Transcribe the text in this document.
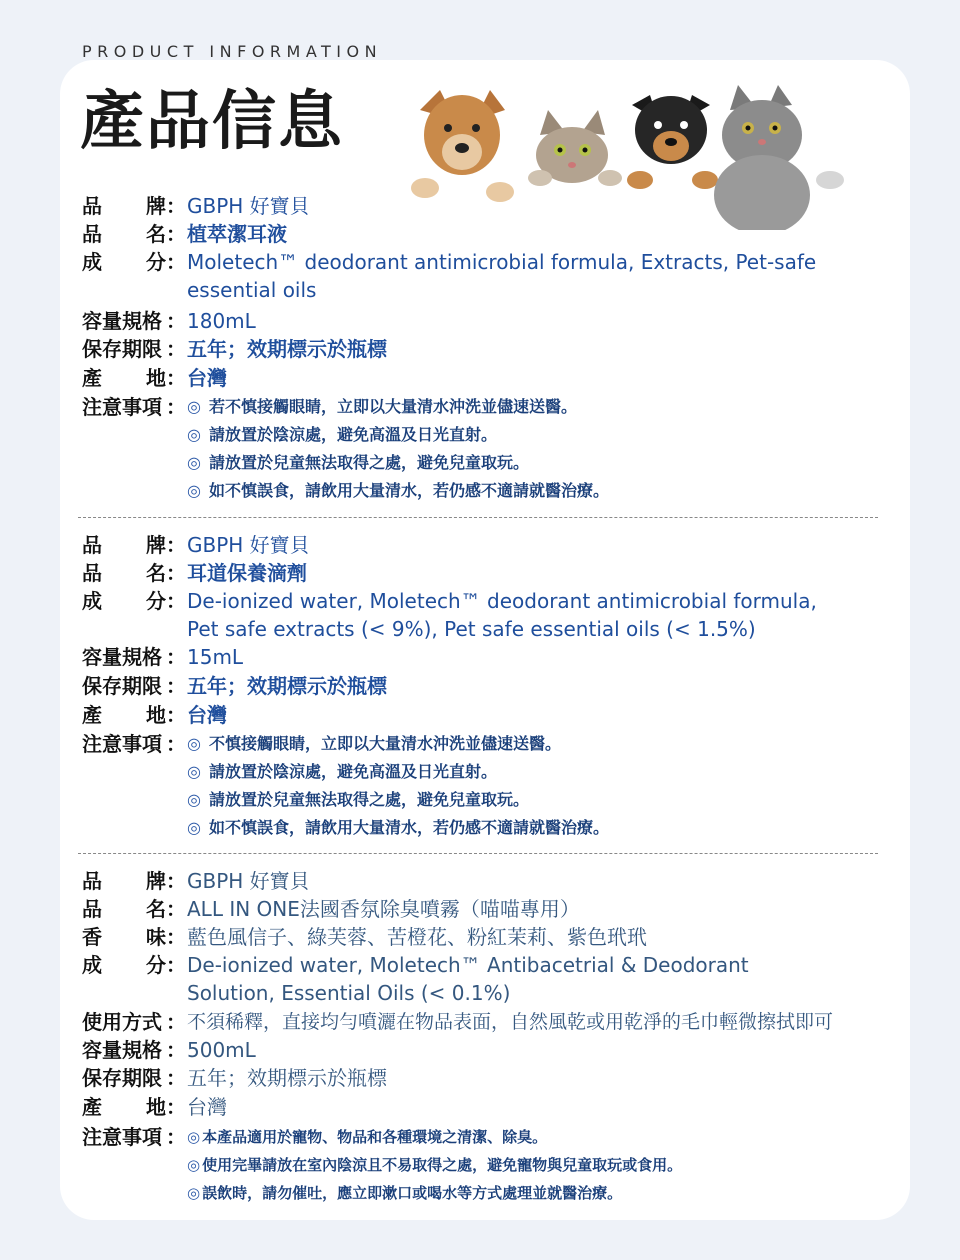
PRODUCT INFORMATION
產品信息
品 牌 ： GBPH 好寶貝
品 名 ： 植萃潔耳液
成 分 ： Moletech™ deodorant antimicrobial formula, Extracts, Pet-safe
essential oils
容量規格 ： 180mL
保存期限 ： 五年；效期標示於瓶標
產 地 ： 台灣
注意事項 ： ◎ 若不慎接觸眼睛，立即以大量清水沖洗並儘速送醫。
◎ 請放置於陰涼處，避免高溫及日光直射。
◎ 請放置於兒童無法取得之處，避免兒童取玩。
◎ 如不慎誤食，請飲用大量清水，若仍感不適請就醫治療。
品 牌 ： GBPH 好寶貝
品 名 ： 耳道保養滴劑
成 分 ： De-ionized water, Moletech™ deodorant antimicrobial formula,
Pet safe extracts (< 9%), Pet safe essential oils (< 1.5%)
容量規格 ： 15mL
保存期限 ： 五年；效期標示於瓶標
產 地 ： 台灣
注意事項 ： ◎ 不慎接觸眼睛，立即以大量清水沖洗並儘速送醫。
◎ 請放置於陰涼處，避免高溫及日光直射。
◎ 請放置於兒童無法取得之處，避免兒童取玩。
◎ 如不慎誤食，請飲用大量清水，若仍感不適請就醫治療。
品 牌 ： GBPH 好寶貝
品 名 ： ALL IN ONE法國香氛除臭噴霧（喵喵專用）
香 味 ： 藍色風信子、綠芙蓉、苦橙花、粉紅茉莉、紫色玳玳
成 分 ： De-ionized water, Moletech™ Antibacetrial & Deodorant
Solution, Essential Oils (< 0.1%)
使用方式 ： 不須稀釋，直接均勻噴灑在物品表面，自然風乾或用乾淨的毛巾輕微擦拭即可
容量規格 ： 500mL
保存期限 ： 五年；效期標示於瓶標
產 地 ： 台灣
注意事項 ： ◎ 本產品適用於寵物、物品和各種環境之清潔、除臭。
◎ 使用完畢請放在室內陰涼且不易取得之處，避免寵物與兒童取玩或食用。
◎ 誤飲時，請勿催吐，應立即漱口或喝水等方式處理並就醫治療。
